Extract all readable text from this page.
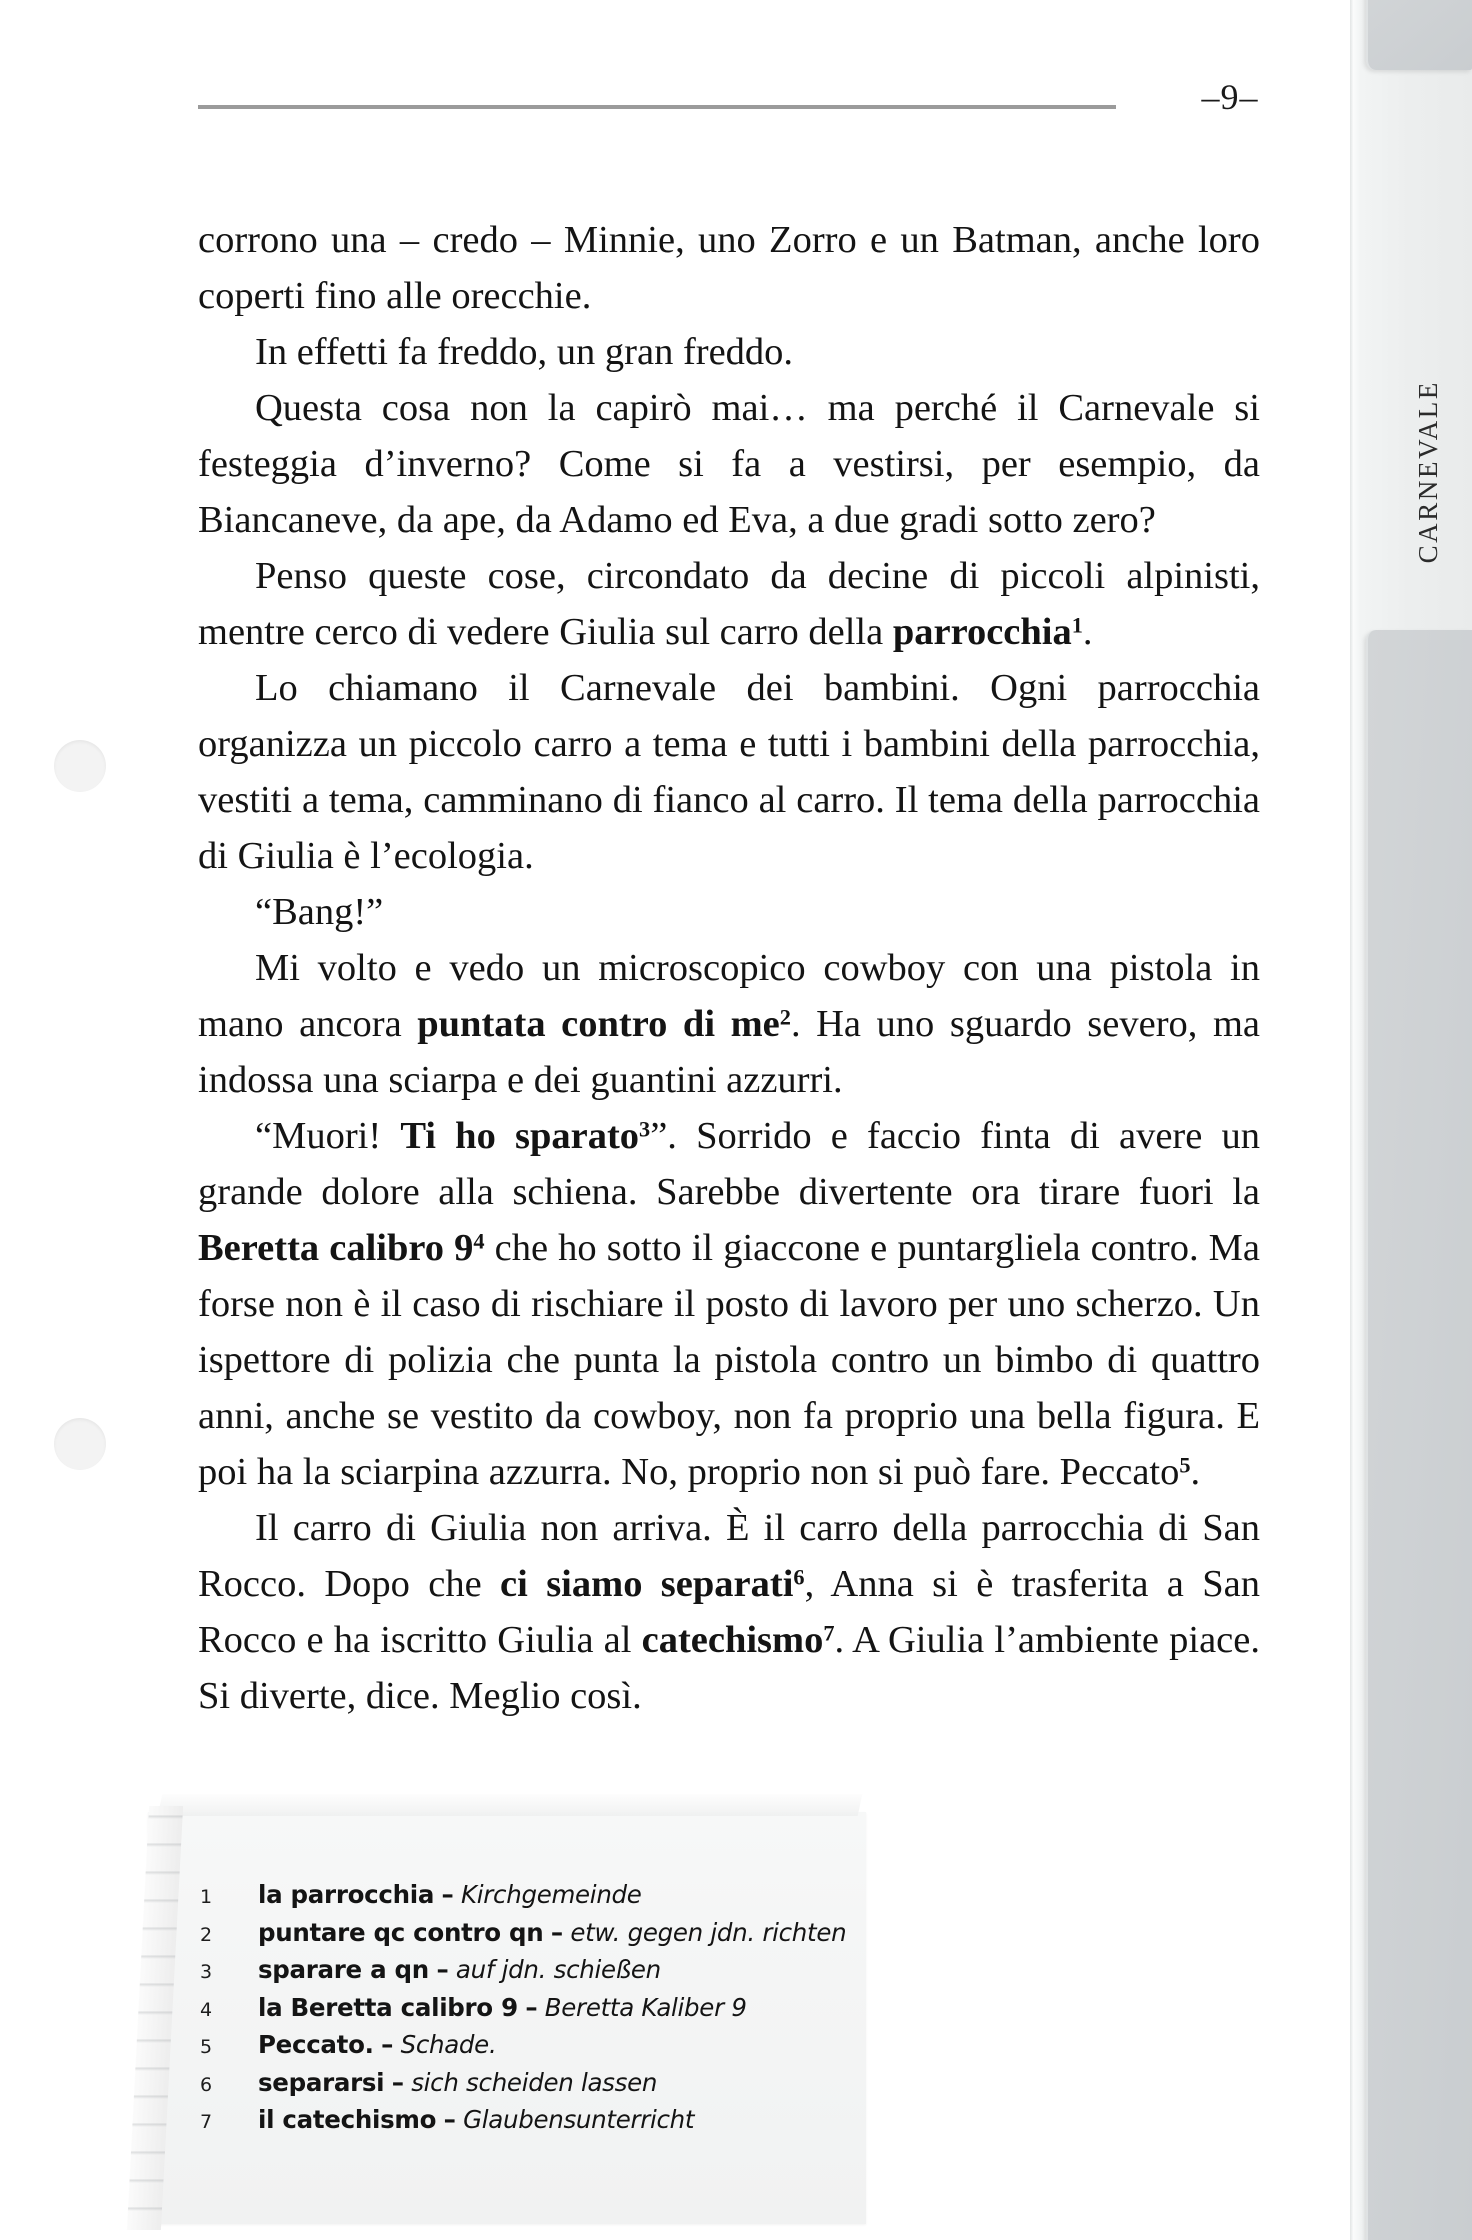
CARNEVALE
–9–

corrono una – credo – Minnie, uno Zorro e un Batman, anche loro coperti fino alle orecchie.

In effetti fa freddo, un gran freddo.

Questa cosa non la capirò mai… ma perché il Carnevale si festeggia d’inverno? Come si fa a vestirsi, per esempio, da Biancaneve, da ape, da Adamo ed Eva, a due gradi sotto zero?

Penso queste cose, circondato da decine di piccoli alpinisti, mentre cerco di vedere Giulia sul carro della parrocchia$^1$.

Lo chiamano il Carnevale dei bambini. Ogni parrocchia organizza un piccolo carro a tema e tutti i bambini della parrocchia, vestiti a tema, camminano di fianco al carro. Il tema della parrocchia di Giulia è l’ecologia.

“Bang!”

Mi volto e vedo un microscopico cowboy con una pistola in mano ancora puntata contro di $me^2$. Ha uno sguardo severo, ma indossa una sciarpa e dei guantini azzurri.

“Muori! Ti ho sparato$^3$”. Sorrido e faccio finta di avere un grande dolore alla schiena. Sarebbe divertente ora tirare fuori la Beretta calibro $9^4$ che ho sotto il giaccone e puntargliela contro. Ma forse non è il caso di rischiare il posto di lavoro per uno scherzo. Un ispettore di polizia che punta la pistola contro un bimbo di quattro anni, anche se vestito da cowboy, non fa proprio una bella figura. E poi ha la sciarpina azzurra. No, proprio non si può fare. Peccato$^5$.

Il carro di Giulia non arriva. È il carro della parrocchia di San Rocco. Dopo che ci siamo separati$^6$, Anna si è trasferita a San Rocco e ha iscritto Giulia al catechismo$^7$. A Giulia l’ambiente piace. Si diverte, dice. Meglio così.

1	la parrocchia – Kirchgemeinde
2	puntare qc contro qn – etw. gegen jdn. richten
3	sparare a qn – auf jdn. schießen
4	la Beretta calibro 9 – Beretta Kaliber 9
5	Peccato. – Schade.
6	separarsi – sich scheiden lassen
7	il catechismo – Glaubensunterricht
